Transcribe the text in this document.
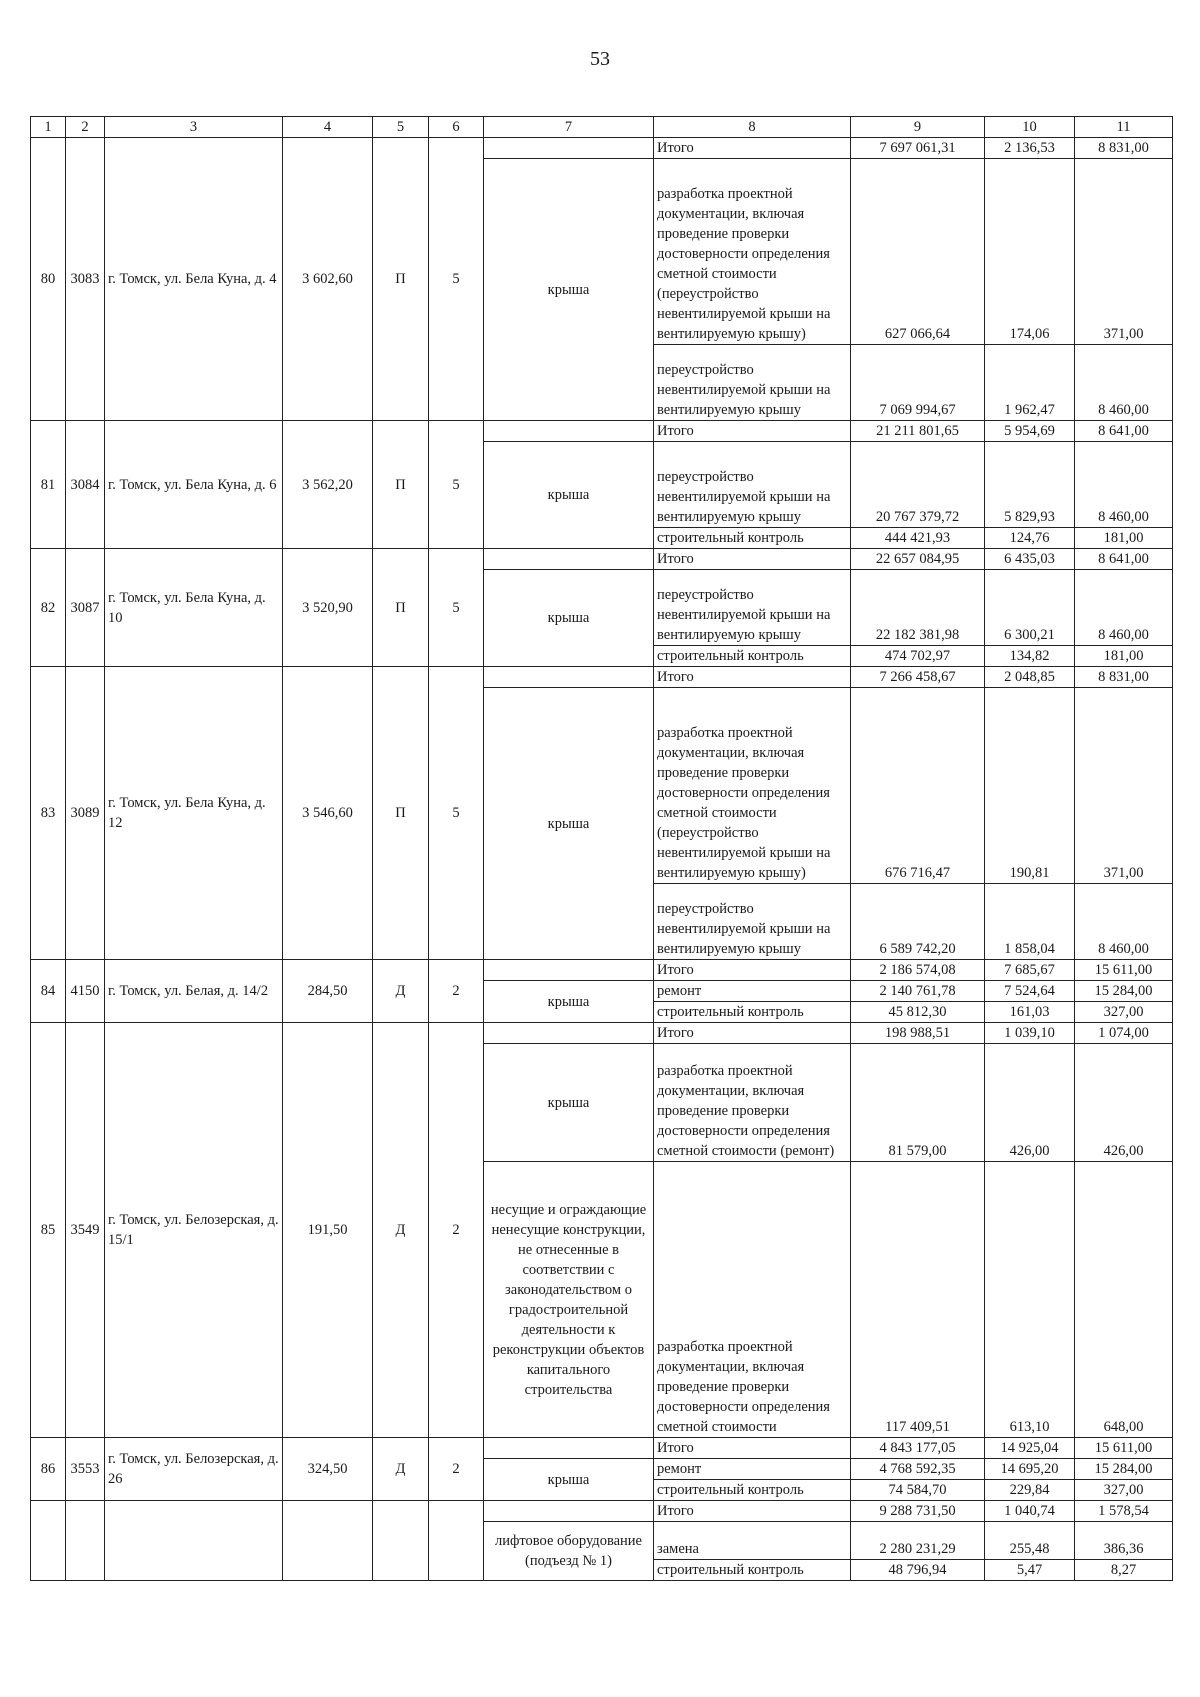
53
1	2	3	4	5	6	7	8	9	10	11
80	3083	г. Томск, ул. Бела Куна, д. 4	3 602,60	П	5		Итого	7 697 061,31	2 136,53	8 831,00
						крыша	разработка проектной документации, включая проведение проверки достоверности определения сметной стоимости (переустройство невентилируемой крыши на вентилируемую крышу)	627 066,64	174,06	371,00
							переустройство невентилируемой крыши на вентилируемую крышу	7 069 994,67	1 962,47	8 460,00
81	3084	г. Томск, ул. Бела Куна, д. 6	3 562,20	П	5		Итого	21 211 801,65	5 954,69	8 641,00
						крыша	переустройство невентилируемой крыши на вентилируемую крышу	20 767 379,72	5 829,93	8 460,00
							строительный контроль	444 421,93	124,76	181,00
82	3087	г. Томск, ул. Бела Куна, д. 10	3 520,90	П	5		Итого	22 657 084,95	6 435,03	8 641,00
						крыша	переустройство невентилируемой крыши на вентилируемую крышу	22 182 381,98	6 300,21	8 460,00
							строительный контроль	474 702,97	134,82	181,00
83	3089	г. Томск, ул. Бела Куна, д. 12	3 546,60	П	5		Итого	7 266 458,67	2 048,85	8 831,00
						крыша	разработка проектной документации, включая проведение проверки достоверности определения сметной стоимости (переустройство невентилируемой крыши на вентилируемую крышу)	676 716,47	190,81	371,00
							переустройство невентилируемой крыши на вентилируемую крышу	6 589 742,20	1 858,04	8 460,00
84	4150	г. Томск, ул. Белая, д. 14/2	284,50	Д	2		Итого	2 186 574,08	7 685,67	15 611,00
						крыша	ремонт	2 140 761,78	7 524,64	15 284,00
							строительный контроль	45 812,30	161,03	327,00
85	3549	г. Томск, ул. Белозерская, д. 15/1	191,50	Д	2		Итого	198 988,51	1 039,10	1 074,00
						крыша	разработка проектной документации, включая проведение проверки достоверности определения сметной стоимости (ремонт)	81 579,00	426,00	426,00
						несущие и ограждающие ненесущие конструкции, не отнесенные в соответствии с законодательством о градостроительной деятельности к реконструкции объектов капитального строительства	разработка проектной документации, включая проведение проверки достоверности определения сметной стоимости	117 409,51	613,10	648,00
86	3553	г. Томск, ул. Белозерская, д. 26	324,50	Д	2		Итого	4 843 177,05	14 925,04	15 611,00
						крыша	ремонт	4 768 592,35	14 695,20	15 284,00
							строительный контроль	74 584,70	229,84	327,00
							Итого	9 288 731,50	1 040,74	1 578,54
						лифтовое оборудование (подъезд № 1)	замена	2 280 231,29	255,48	386,36
							строительный контроль	48 796,94	5,47	8,27
